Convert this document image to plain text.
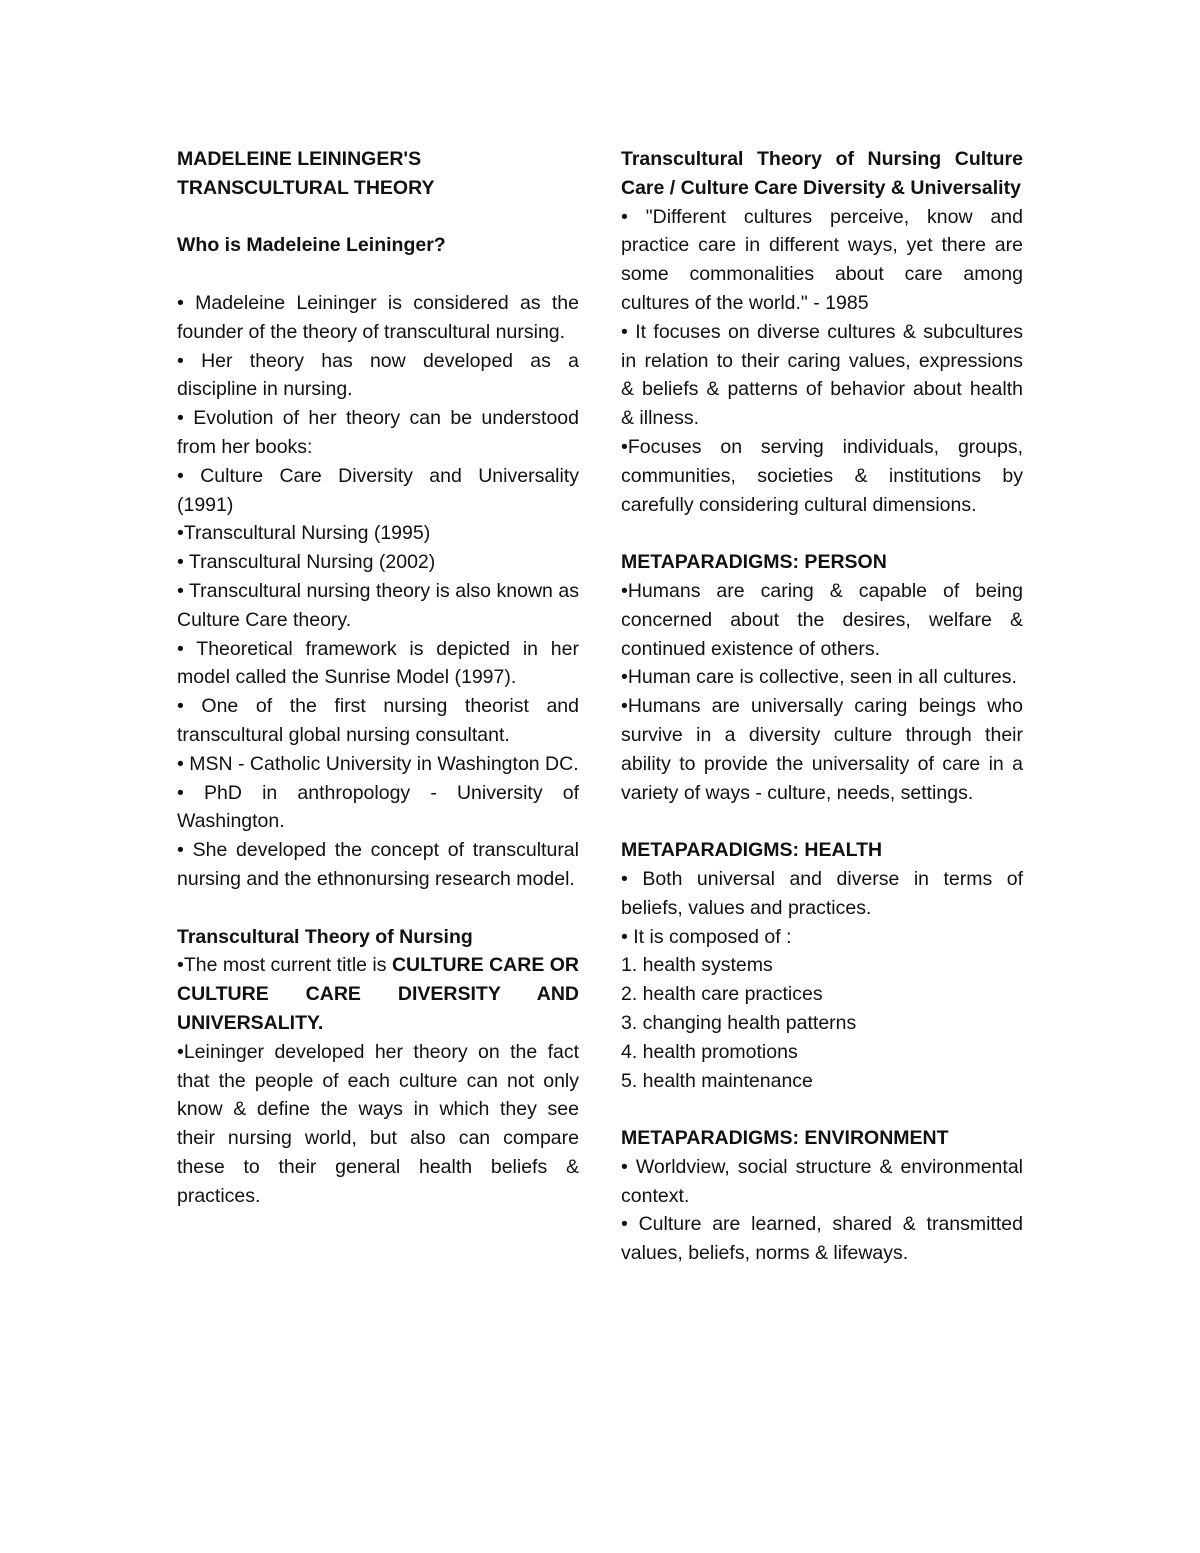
MADELEINE LEININGER'S

TRANSCULTURAL THEORY

Who is Madeleine Leininger?

• Madeleine Leininger is considered as the founder of the theory of transcultural nursing.

• Her theory has now developed as a discipline in nursing.

• Evolution of her theory can be understood from her books:

• Culture Care Diversity and Universality (1991)

•Transcultural Nursing (1995)

• Transcultural Nursing (2002)

• Transcultural nursing theory is also known as Culture Care theory.

• Theoretical framework is depicted in her model called the Sunrise Model (1997).

• One of the first nursing theorist and transcultural global nursing consultant.

• MSN - Catholic University in Washington DC.

• PhD in anthropology - University of Washington.

• She developed the concept of transcultural nursing and the ethnonursing research model.

Transcultural Theory of Nursing

•The most current title is CULTURE CARE OR CULTURE CARE DIVERSITY AND UNIVERSALITY.

•Leininger developed her theory on the fact that the people of each culture can not only know & define the ways in which they see their nursing world, but also can compare these to their general health beliefs & practices.

Transcultural Theory of Nursing Culture Care / Culture Care Diversity & Universality

• "Different cultures perceive, know and practice care in different ways, yet there are some commonalities about care among cultures of the world." - 1985

• It focuses on diverse cultures & subcultures in relation to their caring values, expressions & beliefs & patterns of behavior about health & illness.

•Focuses on serving individuals, groups, communities, societies & institutions by carefully considering cultural dimensions.

METAPARADIGMS: PERSON

•Humans are caring & capable of being concerned about the desires, welfare & continued existence of others.

•Human care is collective, seen in all cultures.

•Humans are universally caring beings who survive in a diversity culture through their ability to provide the universality of care in a variety of ways - culture, needs, settings.

METAPARADIGMS: HEALTH

• Both universal and diverse in terms of beliefs, values and practices.

• It is composed of :

1. health systems

2. health care practices

3. changing health patterns

4. health promotions

5. health maintenance

METAPARADIGMS: ENVIRONMENT

• Worldview, social structure & environmental context.

• Culture are learned, shared & transmitted values, beliefs, norms & lifeways.
